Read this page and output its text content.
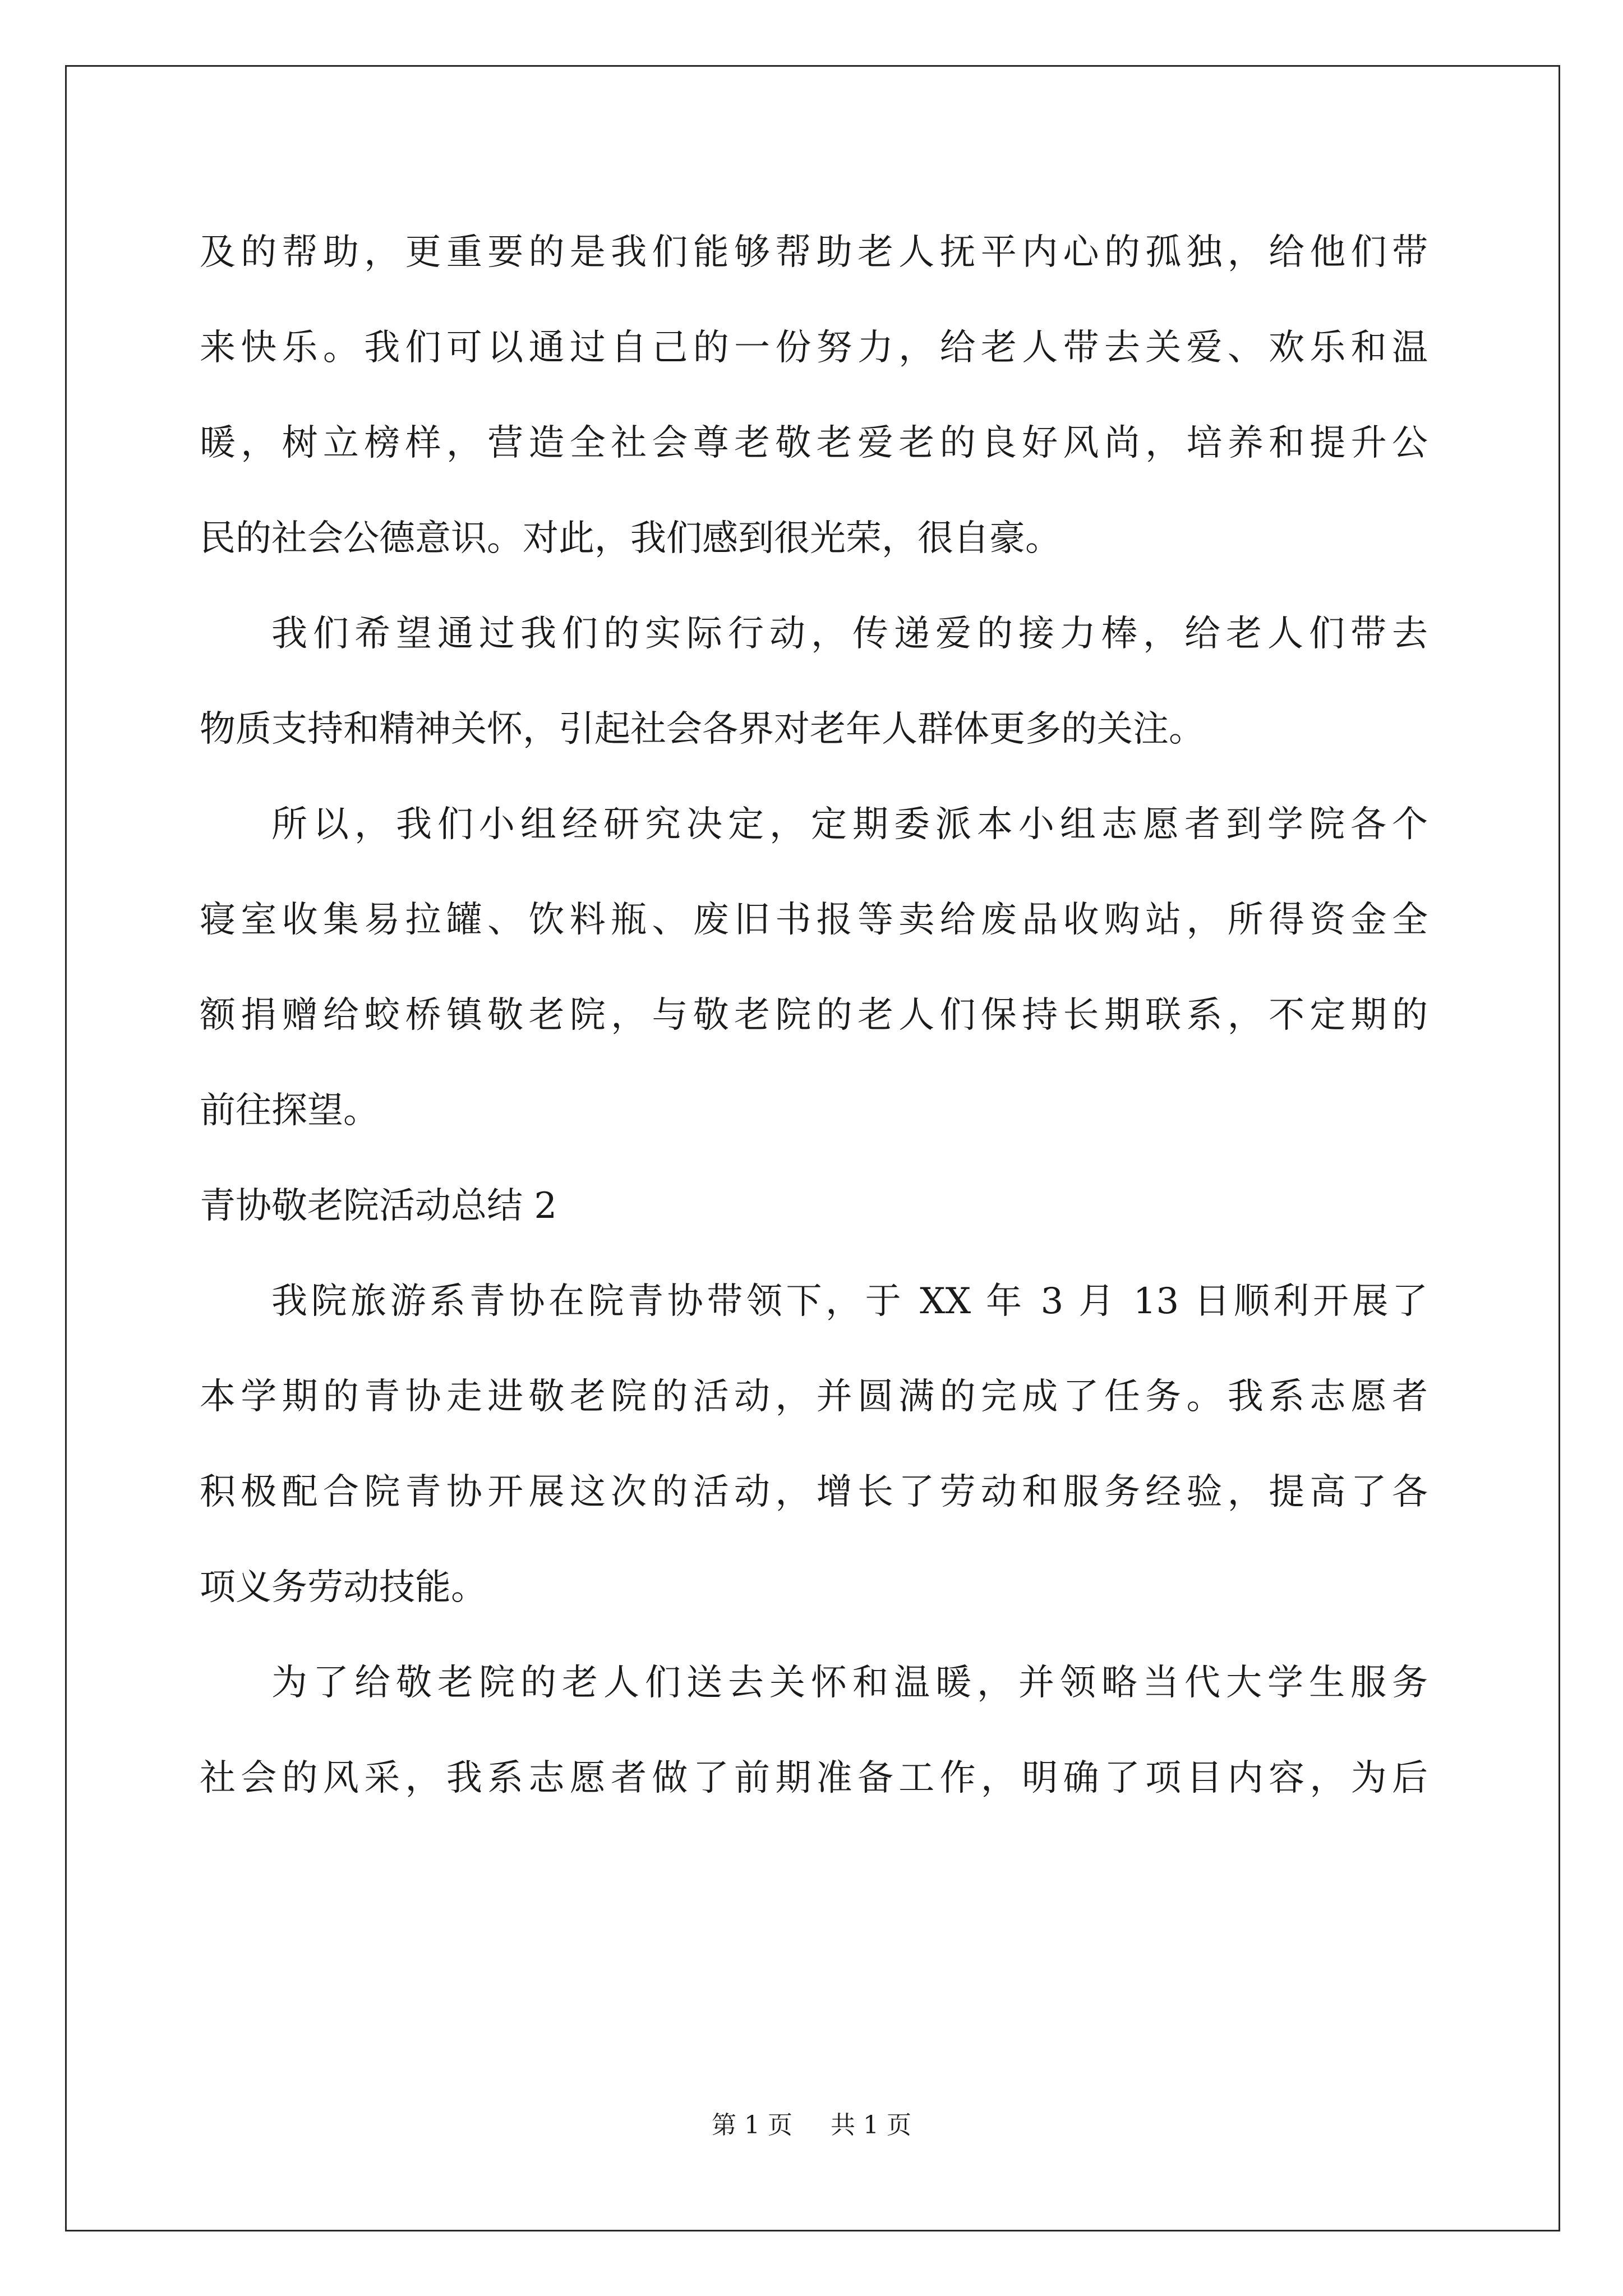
及的帮助，更重要的是我们能够帮助老人抚平内心的孤独，给他们带
来快乐。我们可以通过自己的一份努力，给老人带去关爱、欢乐和温
暖，树立榜样，营造全社会尊老敬老爱老的良好风尚，培养和提升公
民的社会公德意识。对此，我们感到很光荣，很自豪。
我们希望通过我们的实际行动，传递爱的接力棒，给老人们带去
物质支持和精神关怀，引起社会各界对老年人群体更多的关注。
所以，我们小组经研究决定，定期委派本小组志愿者到学院各个
寝室收集易拉罐、饮料瓶、废旧书报等卖给废品收购站，所得资金全
额捐赠给蛟桥镇敬老院，与敬老院的老人们保持长期联系，不定期的
前往探望。
青协敬老院活动总结 2
我院旅游系青协在院青协带领下，于 XX 年 3 月 13 日顺利开展了
本学期的青协走进敬老院的活动，并圆满的完成了任务。我系志愿者
积极配合院青协开展这次的活动，增长了劳动和服务经验，提高了各
项义务劳动技能。
为了给敬老院的老人们送去关怀和温暖，并领略当代大学生服务
社会的风采，我系志愿者做了前期准备工作，明确了项目内容，为后
第 1 页 共 1 页
